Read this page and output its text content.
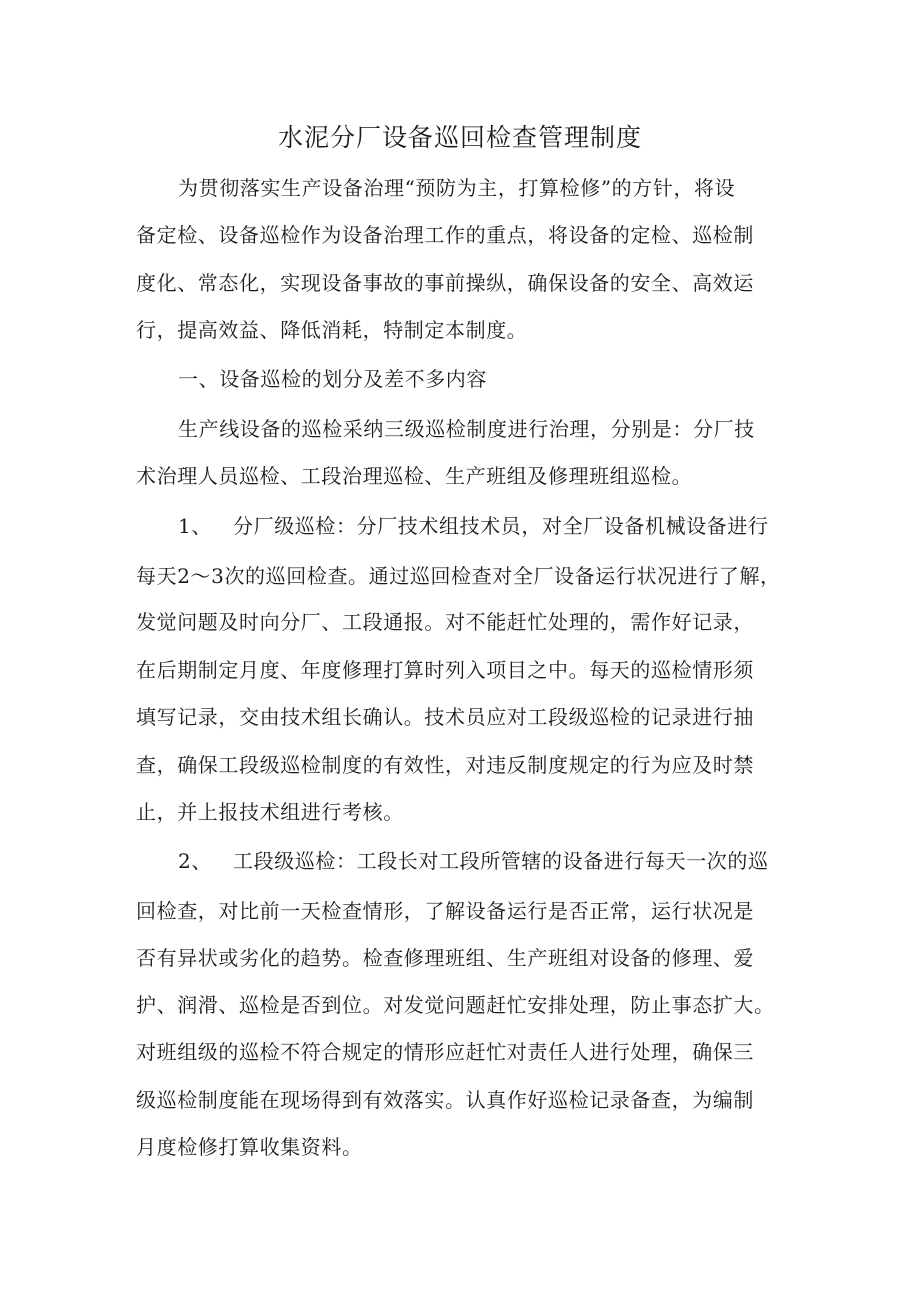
水泥分厂设备巡回检查管理制度
为贯彻落实生产设备治理“预防为主，打算检修”的方针，将设
备定检、设备巡检作为设备治理工作的重点，将设备的定检、巡检制
度化、常态化，实现设备事故的事前操纵，确保设备的安全、高效运
行，提高效益、降低消耗，特制定本制度。
一、设备巡检的划分及差不多内容
生产线设备的巡检采纳三级巡检制度进行治理，分别是：分厂技
术治理人员巡检、工段治理巡检、生产班组及修理班组巡检。
1、 分厂级巡检：分厂技术组技术员，对全厂设备机械设备进行
每天2～3次的巡回检查。通过巡回检查对全厂设备运行状况进行了解，
发觉问题及时向分厂、工段通报。对不能赶忙处理的，需作好记录，
在后期制定月度、年度修理打算时列入项目之中。每天的巡检情形须
填写记录，交由技术组长确认。技术员应对工段级巡检的记录进行抽
查，确保工段级巡检制度的有效性，对违反制度规定的行为应及时禁
止，并上报技术组进行考核。
2、 工段级巡检：工段长对工段所管辖的设备进行每天一次的巡
回检查，对比前一天检查情形，了解设备运行是否正常，运行状况是
否有异状或劣化的趋势。检查修理班组、生产班组对设备的修理、爱
护、润滑、巡检是否到位。对发觉问题赶忙安排处理，防止事态扩大。
对班组级的巡检不符合规定的情形应赶忙对责任人进行处理，确保三
级巡检制度能在现场得到有效落实。认真作好巡检记录备查，为编制
月度检修打算收集资料。
